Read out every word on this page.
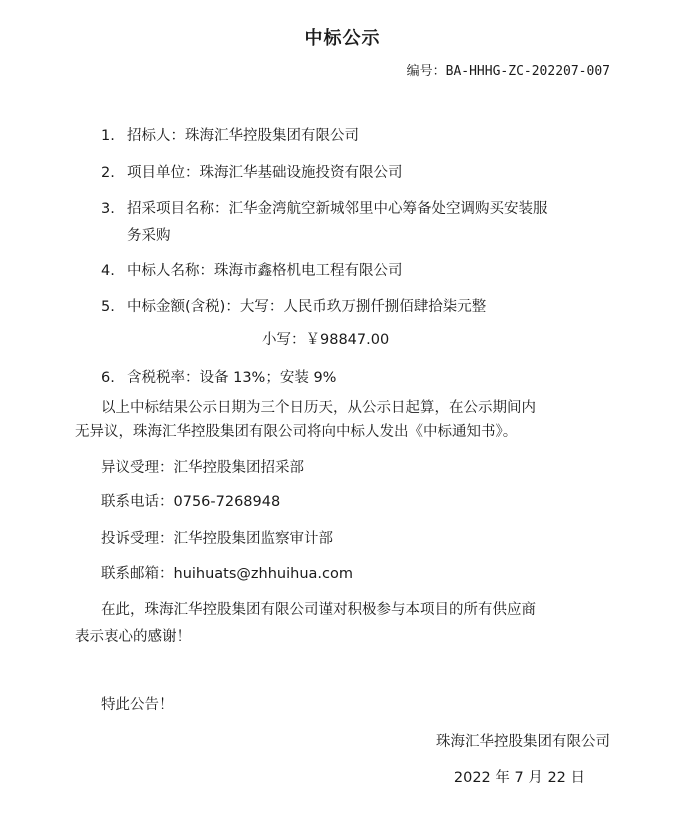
中标公示
编号：BA-HHHG-ZC-202207-007
1. 招标人：珠海汇华控股集团有限公司
2. 项目单位：珠海汇华基础设施投资有限公司
3. 招采项目名称：汇华金湾航空新城邻里中心筹备处空调购买安装服
务采购
4. 中标人名称：珠海市鑫格机电工程有限公司
5. 中标金额(含税)：大写：人民币玖万捌仟捌佰肆拾柒元整
小写：￥98847.00
6. 含税税率：设备 13%；安装 9%
以上中标结果公示日期为三个日历天，从公示日起算，在公示期间内
无异议，珠海汇华控股集团有限公司将向中标人发出《中标通知书》。
异议受理：汇华控股集团招采部
联系电话：0756-7268948
投诉受理：汇华控股集团监察审计部
联系邮箱：huihuats@zhhuihua.com
在此，珠海汇华控股集团有限公司谨对积极参与本项目的所有供应商
表示衷心的感谢！
特此公告！
珠海汇华控股集团有限公司
2022 年 7 月 22 日
